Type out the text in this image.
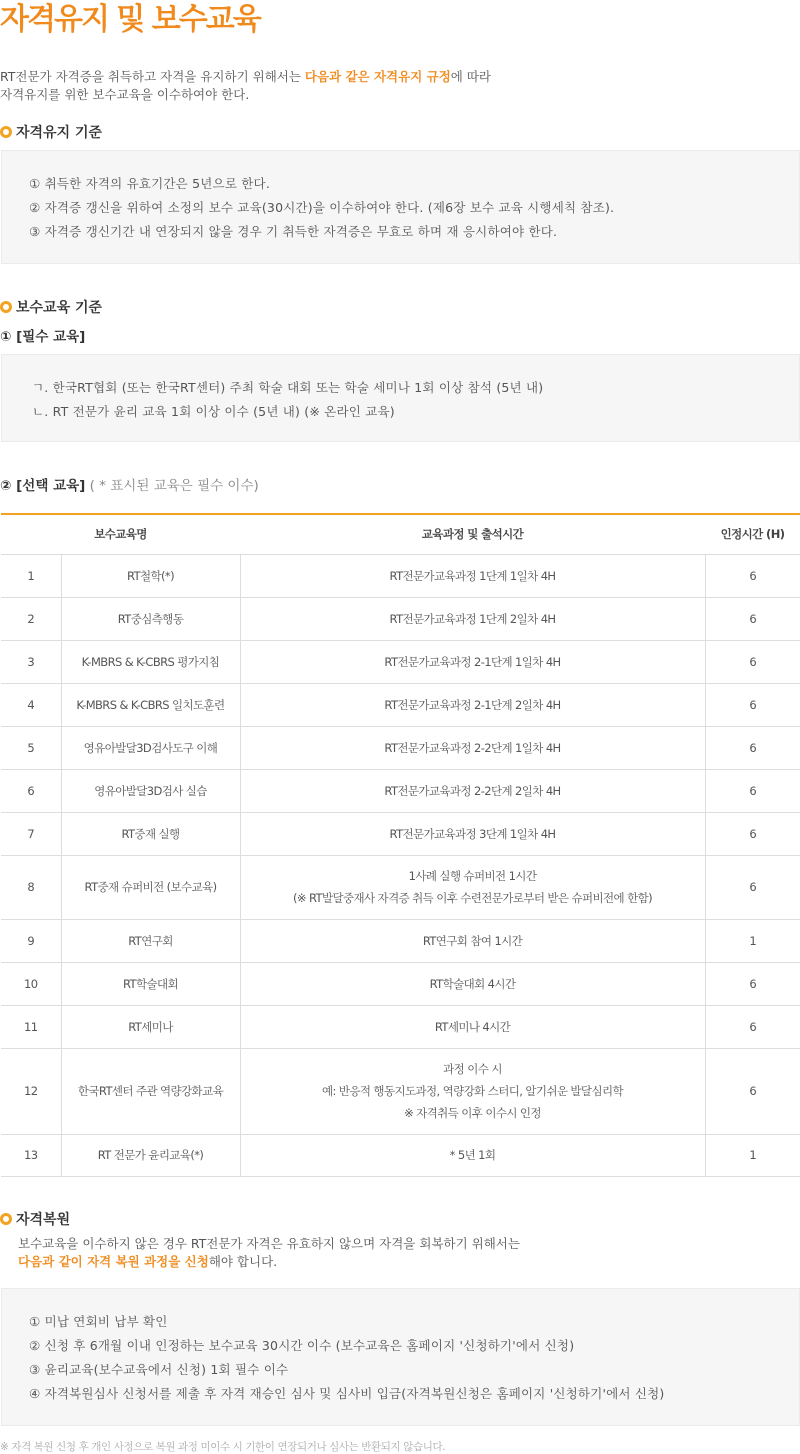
자격유지 및 보수교육
RT전문가 자격증을 취득하고 자격을 유지하기 위해서는 다음과 같은 자격유지 규정에 따라
자격유지를 위한 보수교육을 이수하여야 한다.
자격유지 기준
① 취득한 자격의 유효기간은 5년으로 한다.
② 자격증 갱신을 위하여 소정의 보수 교육(30시간)을 이수하여야 한다. (제6장 보수 교육 시행세칙 참조).
③ 자격증 갱신기간 내 연장되지 않을 경우 기 취득한 자격증은 무효로 하며 재 응시하여야 한다.
보수교육 기준
① [필수 교육]
ㄱ. 한국RT협회 (또는 한국RT센터) 주최 학술 대회 또는 학술 세미나 1회 이상 참석 (5년 내)
ㄴ. RT 전문가 윤리 교육 1회 이상 이수 (5년 내) (※ 온라인 교육)
② [선택 교육] ( * 표시된 교육은 필수 이수)
보수교육명		교육과정 및 출석시간	인정시간 (H)
1	RT철학(*)	RT전문가교육과정 1단계 1일차 4H	6
2	RT중심측행동	RT전문가교육과정 1단계 2일차 4H	6
3	K-MBRS & K-CBRS 평가지침	RT전문가교육과정 2-1단계 1일차 4H	6
4	K-MBRS & K-CBRS 일치도훈련	RT전문가교육과정 2-1단계 2일차 4H	6
5	영유아발달3D검사도구 이해	RT전문가교육과정 2-2단계 1일차 4H	6
6	영유아발달3D검사 실습	RT전문가교육과정 2-2단계 2일차 4H	6
7	RT중재 실행	RT전문가교육과정 3단계 1일차 4H	6
8	RT중재 슈퍼비전 (보수교육)	1사례 실행 슈퍼비전 1시간
(※ RT발달중재사 자격증 취득 이후 수련전문가로부터 받은 슈퍼비전에 한함)	6
9	RT연구회	RT연구회 참여 1시간	1
10	RT학술대회	RT학술대회 4시간	6
11	RT세미나	RT세미나 4시간	6
12	한국RT센터 주관 역량강화교육	과정 이수 시
예: 반응적 행동지도과정, 역량강화 스터디, 알기쉬운 발달심리학
※ 자격취득 이후 이수시 인정	6
13	RT 전문가 윤리교육(*)	* 5년 1회	1
자격복원
보수교육을 이수하지 않은 경우 RT전문가 자격은 유효하지 않으며 자격을 회복하기 위해서는
다음과 같이 자격 복원 과정을 신청해야 합니다.
① 미납 연회비 납부 확인
② 신청 후 6개월 이내 인정하는 보수교육 30시간 이수 (보수교육은 홈페이지 '신청하기'에서 신청)
③ 윤리교육(보수교육에서 신청) 1회 필수 이수
④ 자격복원심사 신청서를 제출 후 자격 재승인 심사 및 심사비 입금(자격복원신청은 홈페이지 '신청하기'에서 신청)
※ 자격 복원 신청 후 개인 사정으로 복원 과정 미이수 시 기한이 연장되거나 심사는 반환되지 않습니다.
